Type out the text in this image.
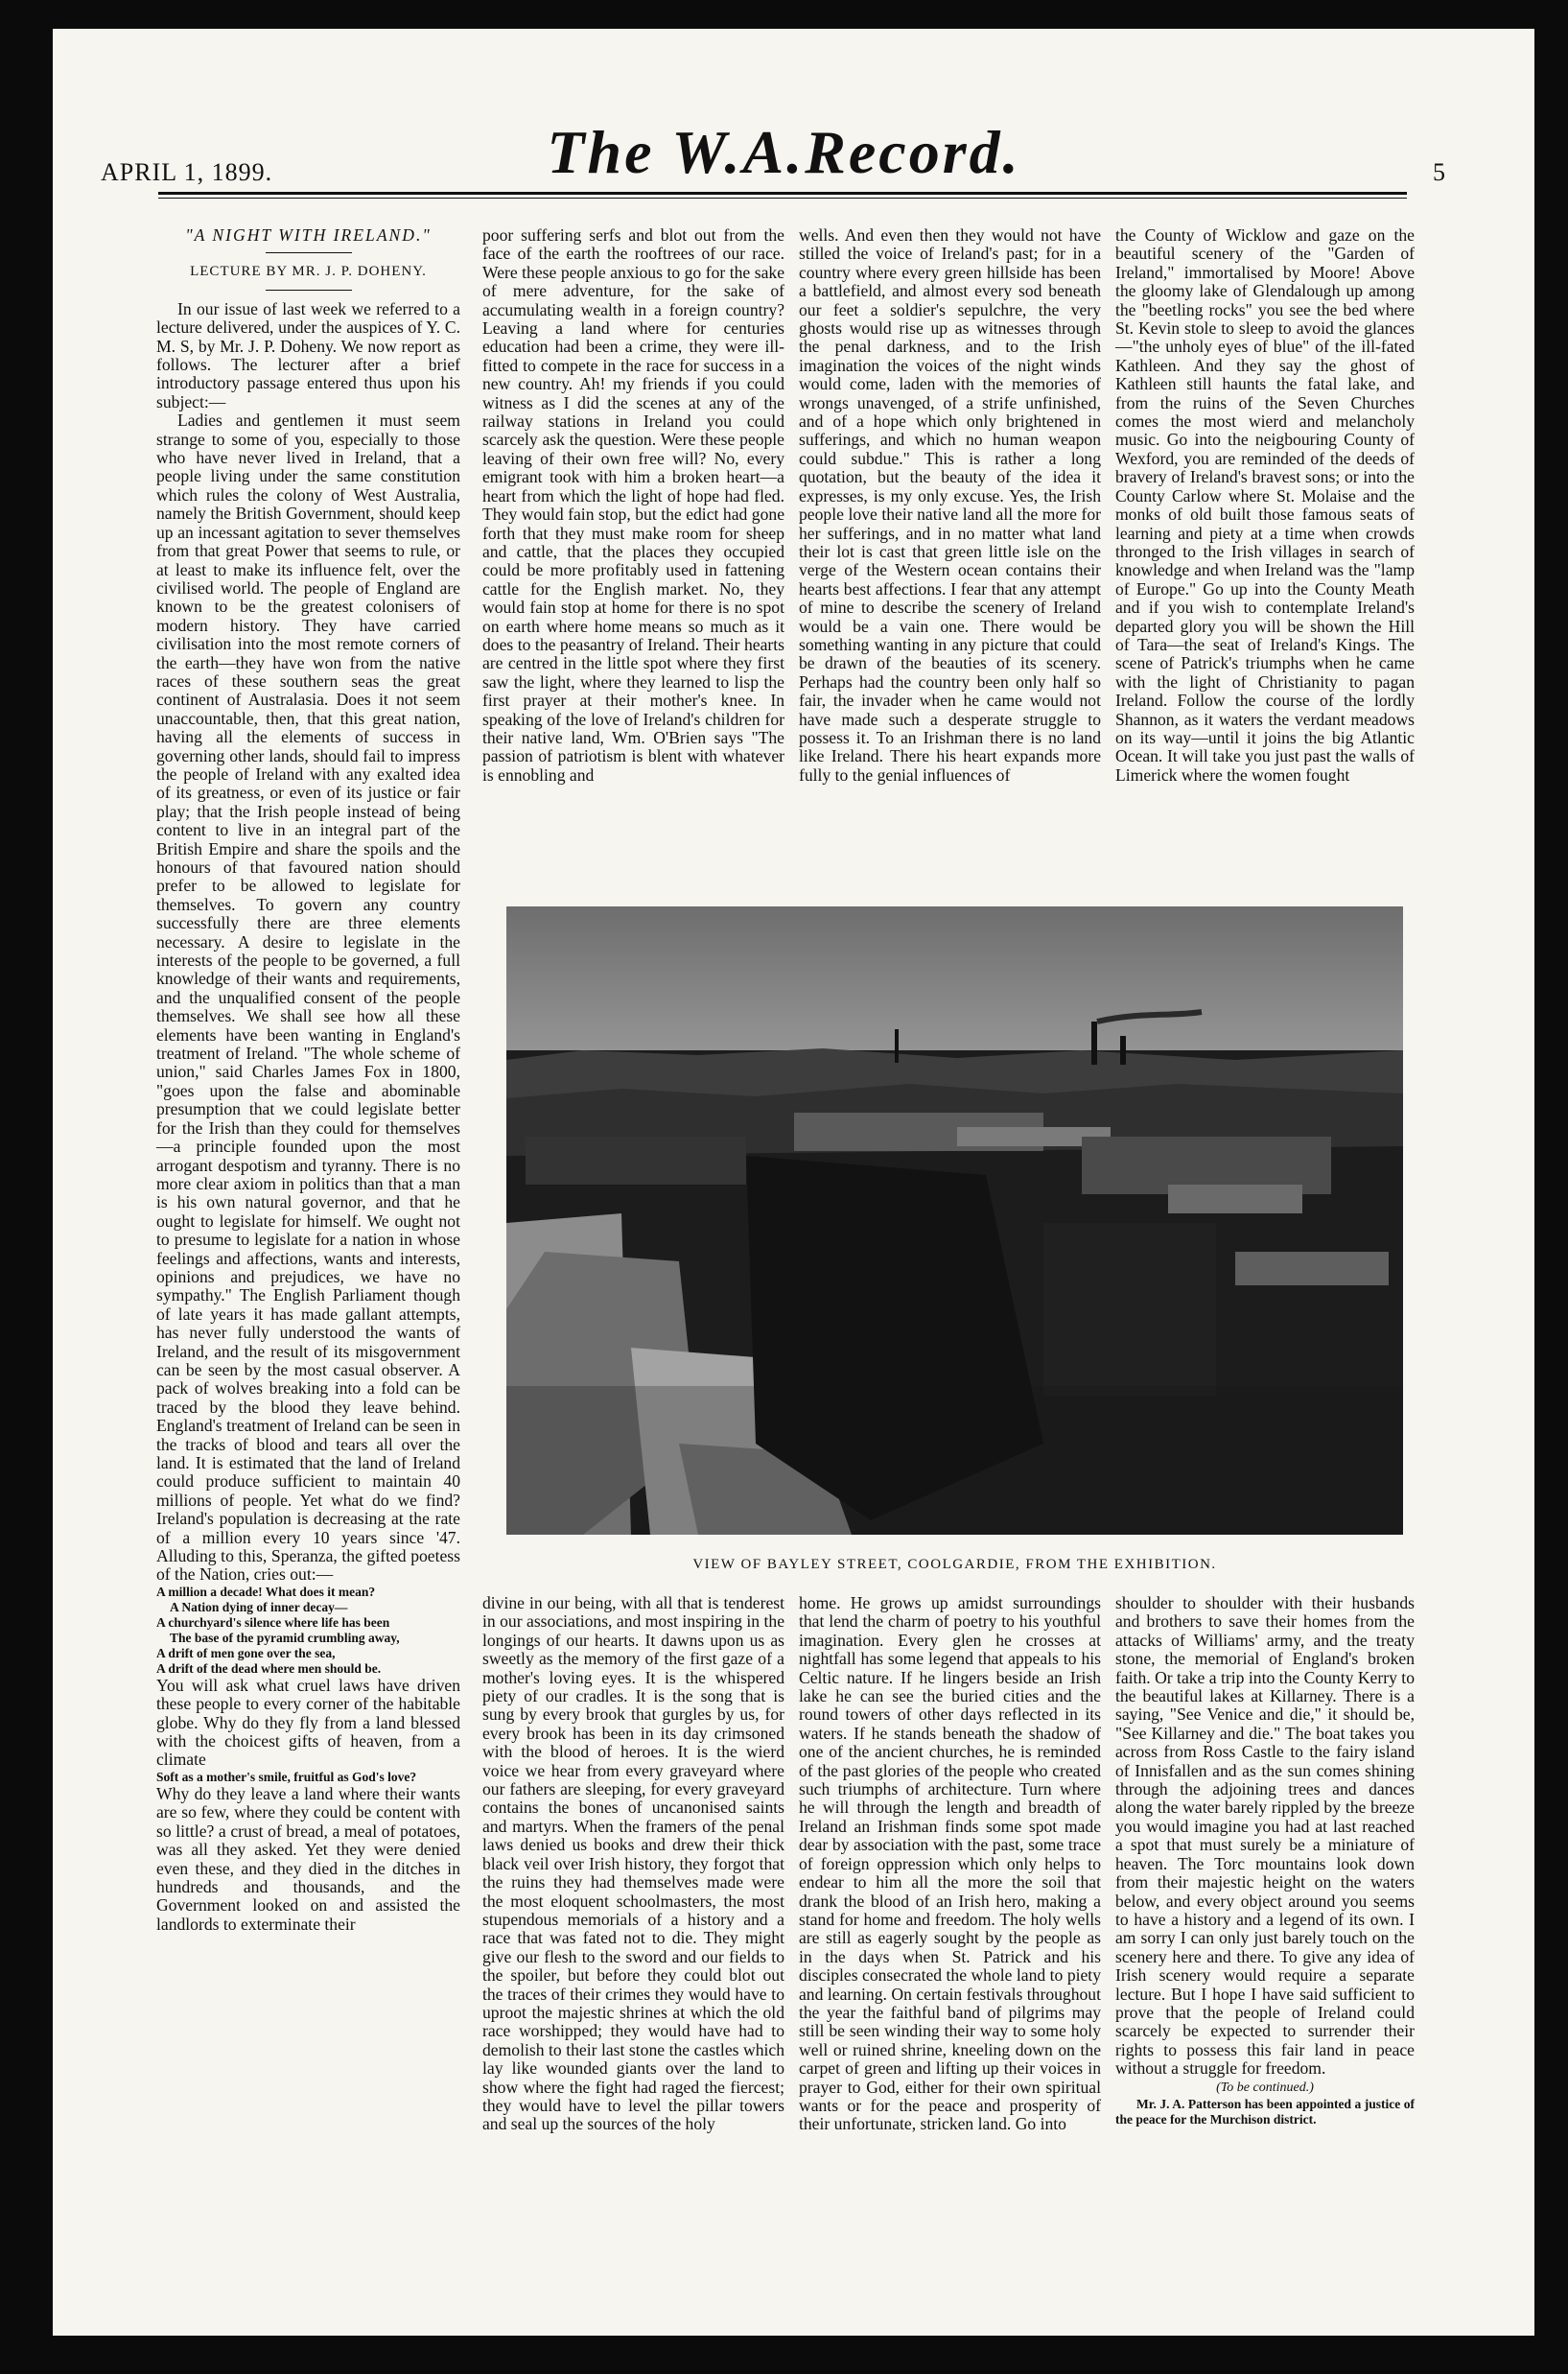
APRIL 1, 1899.	The W.A.Record.	5

"A NIGHT WITH IRELAND."

LECTURE BY MR. J. P. DOHENY.

In our issue of last week we referred to a lecture delivered, under the auspices of Y. C. M. S, by Mr. J. P. Doheny. We now report as follows. The lecturer after a brief introductory passage entered thus upon his subject:—

Ladies and gentlemen it must seem strange to some of you, especially to those who have never lived in Ireland, that a people living under the same constitution which rules the colony of West Australia, namely the British Government, should keep up an incessant agitation to sever themselves from that great Power that seems to rule, or at least to make its influence felt, over the civilised world. The people of England are known to be the greatest colonisers of modern history. They have carried civilisation into the most remote corners of the earth—they have won from the native races of these southern seas the great continent of Australasia. Does it not seem unaccountable, then, that this great nation, having all the elements of success in governing other lands, should fail to impress the people of Ireland with any exalted idea of its greatness, or even of its justice or fair play; that the Irish people instead of being content to live in an integral part of the British Empire and share the spoils and the honours of that favoured nation should prefer to be allowed to legislate for themselves. To govern any country successfully there are three elements necessary. A desire to legislate in the interests of the people to be governed, a full knowledge of their wants and requirements, and the unqualified consent of the people themselves. We shall see how all these elements have been wanting in England's treatment of Ireland. "The whole scheme of union," said Charles James Fox in 1800, "goes upon the false and abominable presumption that we could legislate better for the Irish than they could for themselves—a principle founded upon the most arrogant despotism and tyranny. There is no more clear axiom in politics than that a man is his own natural governor, and that he ought to legislate for himself. We ought not to presume to legislate for a nation in whose feelings and affections, wants and interests, opinions and prejudices, we have no sympathy." The English Parliament though of late years it has made gallant attempts, has never fully understood the wants of Ireland, and the result of its misgovernment can be seen by the most casual observer. A pack of wolves breaking into a fold can be traced by the blood they leave behind. England's treatment of Ireland can be seen in the tracks of blood and tears all over the land. It is estimated that the land of Ireland could produce sufficient to maintain 40 millions of people. Yet what do we find? Ireland's population is decreasing at the rate of a million every 10 years since '47. Alluding to this, Speranza, the gifted poetess of the Nation, cries out:—

A million a decade! What does it mean?
A Nation dying of inner decay—
A churchyard's silence where life has been
The base of the pyramid crumbling away,
A drift of men gone over the sea,
A drift of the dead where men should be.

You will ask what cruel laws have driven these people to every corner of the habitable globe. Why do they fly from a land blessed with the choicest gifts of heaven, from a climate

Soft as a mother's smile, fruitful as God's love?

Why do they leave a land where their wants are so few, where they could be content with so little? a crust of bread, a meal of potatoes, was all they asked. Yet they were denied even these, and they died in the ditches in hundreds and thousands, and the Government looked on and assisted the landlords to exterminate their

poor suffering serfs and blot out from the face of the earth the rooftrees of our race. Were these people anxious to go for the sake of mere adventure, for the sake of accumulating wealth in a foreign country? Leaving a land where for centuries education had been a crime, they were ill-fitted to compete in the race for success in a new country. Ah! my friends if you could witness as I did the scenes at any of the railway stations in Ireland you could scarcely ask the question. Were these people leaving of their own free will? No, every emigrant took with him a broken heart—a heart from which the light of hope had fled. They would fain stop, but the edict had gone forth that they must make room for sheep and cattle, that the places they occupied could be more profitably used in fattening cattle for the English market. No, they would fain stop at home for there is no spot on earth where home means so much as it does to the peasantry of Ireland. Their hearts are centred in the little spot where they first saw the light, where they learned to lisp the first prayer at their mother's knee. In speaking of the love of Ireland's children for their native land, Wm. O'Brien says "The passion of patriotism is blent with whatever is ennobling and

wells. And even then they would not have stilled the voice of Ireland's past; for in a country where every green hillside has been a battlefield, and almost every sod beneath our feet a soldier's sepulchre, the very ghosts would rise up as witnesses through the penal darkness, and to the Irish imagination the voices of the night winds would come, laden with the memories of wrongs unavenged, of a strife unfinished, and of a hope which only brightened in sufferings, and which no human weapon could subdue." This is rather a long quotation, but the beauty of the idea it expresses, is my only excuse. Yes, the Irish people love their native land all the more for her sufferings, and in no matter what land their lot is cast that green little isle on the verge of the Western ocean contains their hearts best affections. I fear that any attempt of mine to describe the scenery of Ireland would be a vain one. There would be something wanting in any picture that could be drawn of the beauties of its scenery. Perhaps had the country been only half so fair, the invader when he came would not have made such a desperate struggle to possess it. To an Irishman there is no land like Ireland. There his heart expands more fully to the genial influences of

the County of Wicklow and gaze on the beautiful scenery of the "Garden of Ireland," immortalised by Moore! Above the gloomy lake of Glendalough up among the "beetling rocks" you see the bed where St. Kevin stole to sleep to avoid the glances—"the unholy eyes of blue" of the ill-fated Kathleen. And they say the ghost of Kathleen still haunts the fatal lake, and from the ruins of the Seven Churches comes the most wierd and melancholy music. Go into the neigbouring County of Wexford, you are reminded of the deeds of bravery of Ireland's bravest sons; or into the County Carlow where St. Molaise and the monks of old built those famous seats of learning and piety at a time when crowds thronged to the Irish villages in search of knowledge and when Ireland was the "lamp of Europe." Go up into the County Meath and if you wish to contemplate Ireland's departed glory you will be shown the Hill of Tara—the seat of Ireland's Kings. The scene of Patrick's triumphs when he came with the light of Christianity to pagan Ireland. Follow the course of the lordly Shannon, as it waters the verdant meadows on its way—until it joins the big Atlantic Ocean. It will take you just past the walls of Limerick where the women fought

VIEW OF BAYLEY STREET, COOLGARDIE, FROM THE EXHIBITION.

divine in our being, with all that is tenderest in our associations, and most inspiring in the longings of our hearts. It dawns upon us as sweetly as the memory of the first gaze of a mother's loving eyes. It is the whispered piety of our cradles. It is the song that is sung by every brook that gurgles by us, for every brook has been in its day crimsoned with the blood of heroes. It is the wierd voice we hear from every graveyard where our fathers are sleeping, for every graveyard contains the bones of uncanonised saints and martyrs. When the framers of the penal laws denied us books and drew their thick black veil over Irish history, they forgot that the ruins they had themselves made were the most eloquent schoolmasters, the most stupendous memorials of a history and a race that was fated not to die. They might give our flesh to the sword and our fields to the spoiler, but before they could blot out the traces of their crimes they would have to uproot the majestic shrines at which the old race worshipped; they would have had to demolish to their last stone the castles which lay like wounded giants over the land to show where the fight had raged the fiercest; they would have to level the pillar towers and seal up the sources of the holy

home. He grows up amidst surroundings that lend the charm of poetry to his youthful imagination. Every glen he crosses at nightfall has some legend that appeals to his Celtic nature. If he lingers beside an Irish lake he can see the buried cities and the round towers of other days reflected in its waters. If he stands beneath the shadow of one of the ancient churches, he is reminded of the past glories of the people who created such triumphs of architecture. Turn where he will through the length and breadth of Ireland an Irishman finds some spot made dear by association with the past, some trace of foreign oppression which only helps to endear to him all the more the soil that drank the blood of an Irish hero, making a stand for home and freedom. The holy wells are still as eagerly sought by the people as in the days when St. Patrick and his disciples consecrated the whole land to piety and learning. On certain festivals throughout the year the faithful band of pilgrims may still be seen winding their way to some holy well or ruined shrine, kneeling down on the carpet of green and lifting up their voices in prayer to God, either for their own spiritual wants or for the peace and prosperity of their unfortunate, stricken land. Go into

shoulder to shoulder with their husbands and brothers to save their homes from the attacks of Williams' army, and the treaty stone, the memorial of England's broken faith. Or take a trip into the County Kerry to the beautiful lakes at Killarney. There is a saying, "See Venice and die," it should be, "See Killarney and die." The boat takes you across from Ross Castle to the fairy island of Innisfallen and as the sun comes shining through the adjoining trees and dances along the water barely rippled by the breeze you would imagine you had at last reached a spot that must surely be a miniature of heaven. The Torc mountains look down from their majestic height on the waters below, and every object around you seems to have a history and a legend of its own. I am sorry I can only just barely touch on the scenery here and there. To give any idea of Irish scenery would require a separate lecture. But I hope I have said sufficient to prove that the people of Ireland could scarcely be expected to surrender their rights to possess this fair land in peace without a struggle for freedom.

(To be continued.)

Mr. J. A. Patterson has been appointed a justice of the peace for the Murchison district.
